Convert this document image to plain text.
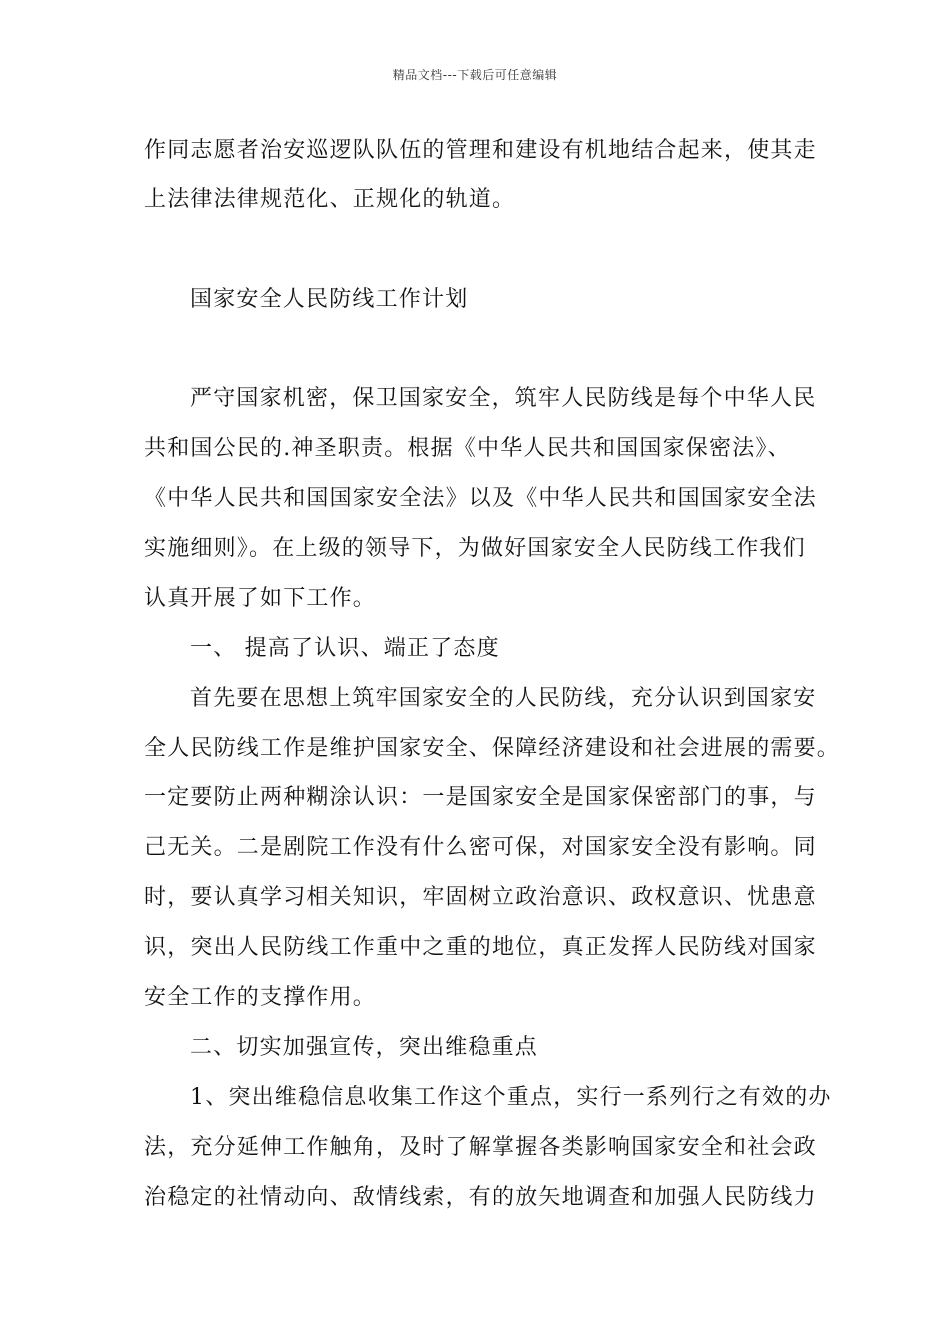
精品文档---下载后可任意编辑
作同志愿者治安巡逻队队伍的管理和建设有机地结合起来，使其走
上法律法律规范化、正规化的轨道。
国家安全人民防线工作计划
严守国家机密，保卫国家安全，筑牢人民防线是每个中华人民
共和国公民的.神圣职责。根据《中华人民共和国国家保密法》、
《中华人民共和国国家安全法》以及《中华人民共和国国家安全法
实施细则》。在上级的领导下，为做好国家安全人民防线工作我们
认真开展了如下工作。
一、 提高了认识、端正了态度
首先要在思想上筑牢国家安全的人民防线，充分认识到国家安
全人民防线工作是维护国家安全、保障经济建设和社会进展的需要。
一定要防止两种糊涂认识：一是国家安全是国家保密部门的事，与
己无关。二是剧院工作没有什么密可保，对国家安全没有影响。同
时，要认真学习相关知识，牢固树立政治意识、政权意识、忧患意
识，突出人民防线工作重中之重的地位，真正发挥人民防线对国家
安全工作的支撑作用。
二、切实加强宣传，突出维稳重点
1、突出维稳信息收集工作这个重点，实行一系列行之有效的办
法，充分延伸工作触角，及时了解掌握各类影响国家安全和社会政
治稳定的社情动向、敌情线索，有的放矢地调查和加强人民防线力
